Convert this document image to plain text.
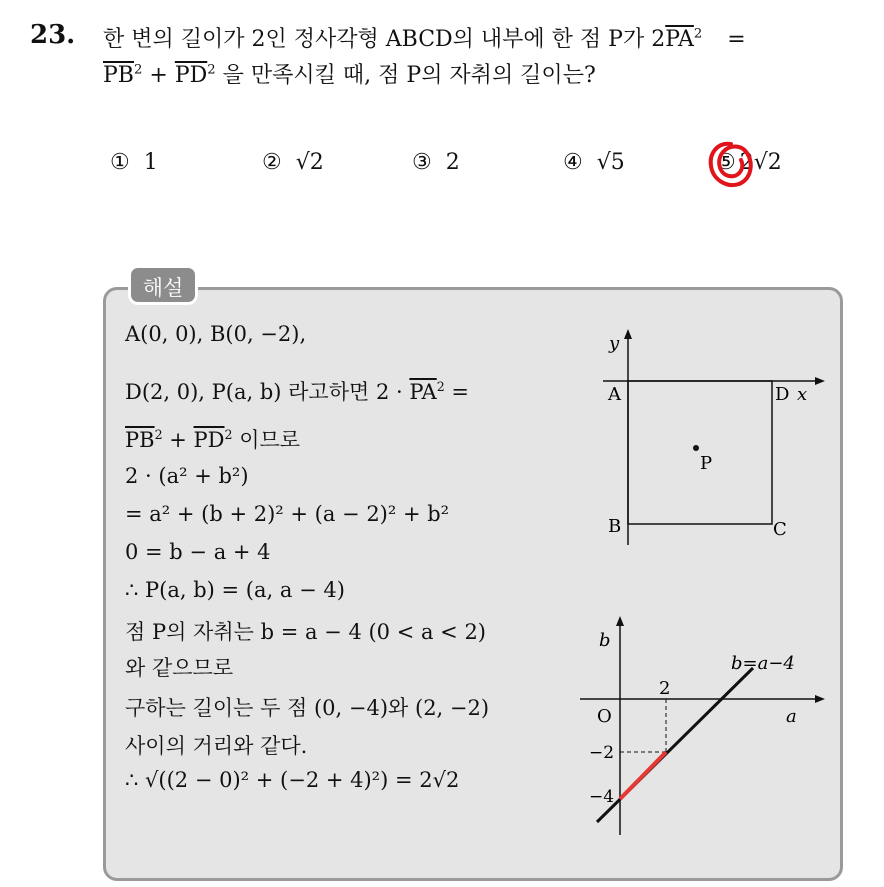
23. 한 변의 길이가 2인 정사각형 ABCD의 내부에 한 점 P가 $2\overline{PA}^2$ =
$\overline{PB}^2 + \overline{PD}^2$ 을 만족시킬 때, 점 P의 자취의 길이는?
① 1	② √2	③ 2	④ √5	⑤ 2√2
해설
A(0, 0), B(0, −2),
D(2, 0), P(a, b) 라고하면 $2 \cdot \overline{PA}^2$ =
$\overline{PB}^2 + \overline{PD}^2$ 이므로
2 · (a² + b²)
= a² + (b + 2)² + (a − 2)² + b²
0 = b − a + 4
∴ P(a, b) = (a, a − 4)
점 P의 자취는 b = a − 4 (0 < a < 2)
와 같으므로
구하는 길이는 두 점 (0, −4)와 (2, −2)
사이의 거리와 같다.
∴ √((2 − 0)² + (−2 + 4)²) = 2√2
y
A	D x
P
B	C
b
O
2
a
−2
−4
b=a−4
